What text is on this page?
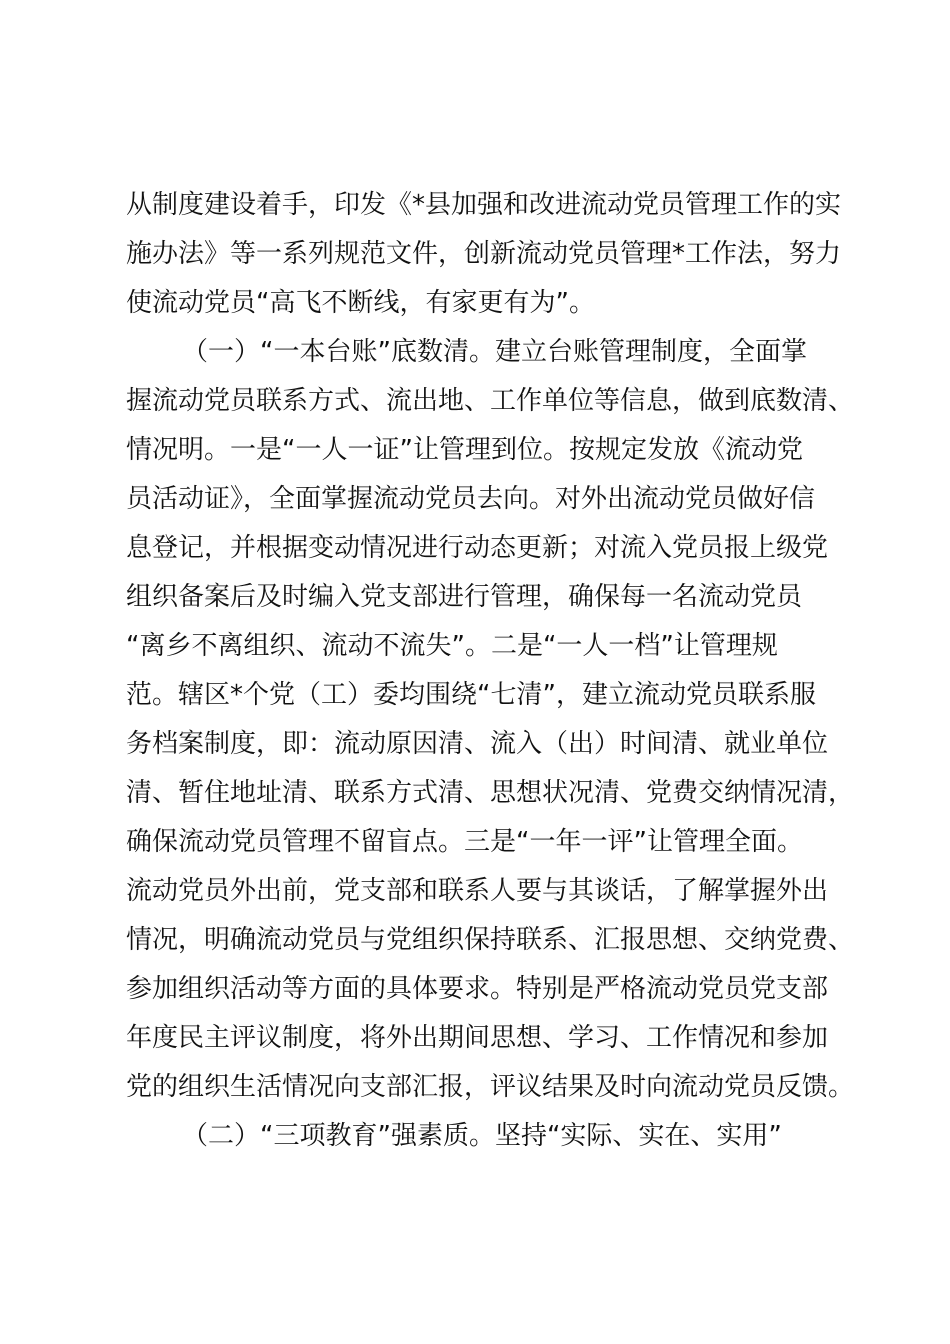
从制度建设着手，印发《*县加强和改进流动党员管理工作的实
施办法》等一系列规范文件，创新流动党员管理*工作法，努力
使流动党员“高飞不断线，有家更有为”。
（一）“一本台账”底数清。建立台账管理制度，全面掌
握流动党员联系方式、流出地、工作单位等信息，做到底数清、
情况明。一是“一人一证”让管理到位。按规定发放《流动党
员活动证》，全面掌握流动党员去向。对外出流动党员做好信
息登记，并根据变动情况进行动态更新；对流入党员报上级党
组织备案后及时编入党支部进行管理，确保每一名流动党员
“离乡不离组织、流动不流失”。二是“一人一档”让管理规
范。辖区*个党（工）委均围绕“七清”，建立流动党员联系服
务档案制度，即：流动原因清、流入（出）时间清、就业单位
清、暂住地址清、联系方式清、思想状况清、党费交纳情况清，
确保流动党员管理不留盲点。三是“一年一评”让管理全面。
流动党员外出前，党支部和联系人要与其谈话，了解掌握外出
情况，明确流动党员与党组织保持联系、汇报思想、交纳党费、
参加组织活动等方面的具体要求。特别是严格流动党员党支部
年度民主评议制度，将外出期间思想、学习、工作情况和参加
党的组织生活情况向支部汇报，评议结果及时向流动党员反馈。
（二）“三项教育”强素质。坚持“实际、实在、实用”
